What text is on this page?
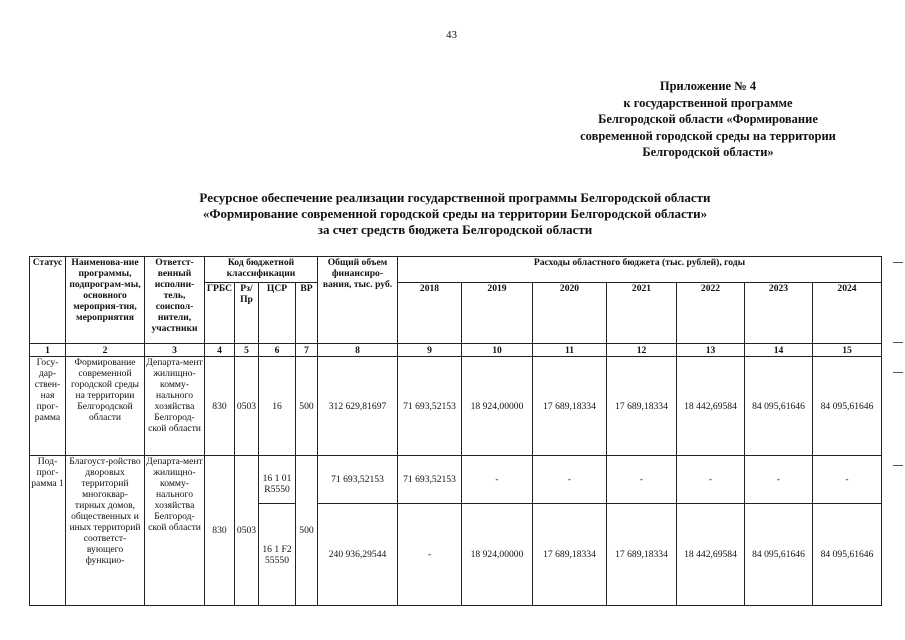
43
Приложение № 4
к государственной программе
Белгородской области «Формирование
современной городской среды на территории
Белгородской области»
Ресурсное обеспечение реализации государственной программы Белгородской области
«Формирование современной городской среды на территории Белгородской области»
за счет средств бюджета Белгородской области
Статус	Наименова-ние программы, подпрограм-мы, основного мероприя-тия, мероприятия	Ответст-венный исполни-тель, соиспол-нители, участники	Код бюджетной классификации				Общий объем финансиро-вания, тыс. руб.	Расходы областного бюджета (тыс. рублей), годы						
			ГРБС	Рз/ Пр	ЦСР	ВР		2018	2019	2020	2021	2022	2023	2024
1	2	3	4	5	6	7	8	9	10	11	12	13	14	15
Госу-дар-ствен-ная прог-рамма	Формирование современной городской среды на территории Белгородской области	Департа-мент жилищно-комму-нального хозяйства Белгород-ской области	830	0503	16	500	312 629,81697	71 693,52153	18 924,00000	17 689,18334	17 689,18334	18 442,69584	84 095,61646	84 095,61646
Под-прог-рамма 1	Благоуст-ройство дворовых территорий многоквар-тирных домов, общественных и иных территорий соответст-вующего функцио-	Департа-мент жилищно-комму-нального хозяйства Белгород-ской области	830	0503	16 1 01 R5550	500	71 693,52153	71 693,52153	-	-	-	-	-	-
					16 1 F2 55550		240 936,29544	-	18 924,00000	17 689,18334	17 689,18334	18 442,69584	84 095,61646	84 095,61646
